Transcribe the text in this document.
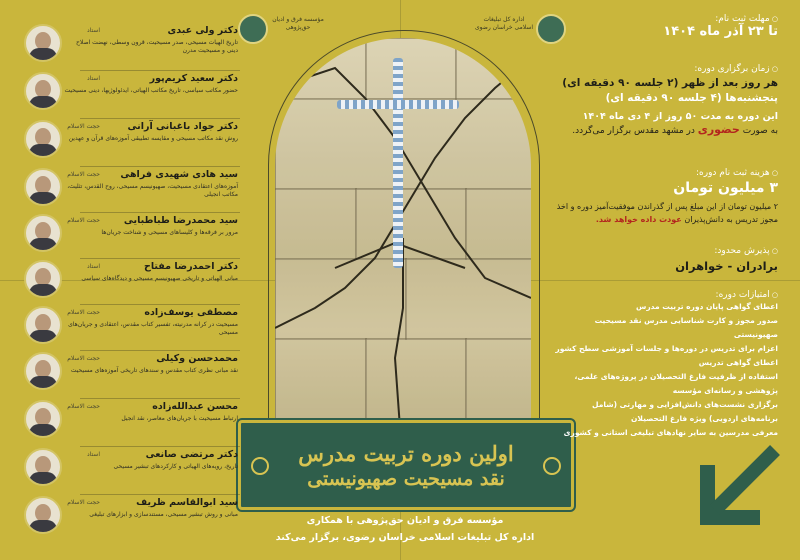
مؤسسه فرق و ادیان حق‌پژوهی
اداره کل تبلیغات اسلامی خراسان رضوی
اولین دوره تربیت مدرس
نقد مسیحیت صهیونیستی
مؤسسه فرق و ادیان حق‌پژوهی با همکاری
اداره کل تبلیغات اسلامی خراسان رضوی، برگزار می‌کند
دکتر ولی عبدی
استاد
تاریخ الهیات مسیحی، صدر مسیحیت، قرون وسطی، نهضت اصلاح دینی و مسیحیت مدرن
دکتر سعید کریم‌پور
استاد
حضور مکاتب سیاسی، تاریخ مکاتب الهیاتی، ایدئولوژیها، دینی مسیحیت
دکتر جواد باغبانی آرانی
حجت الاسلام
روش نقد مکاتب مسیحی و مقایسه تطبیقی آموزه‌های قرآن و عهدین
سید هادی شهیدی فراهی
حجت الاسلام
آموزه‌های اعتقادی مسیحیت، صهیونیسم مسیحی، روح القدس، تثلیث، مکاتب انجیلی
سید محمدرضا طباطبایی
حجت الاسلام
مرور بر فرقه‌ها و کلیساهای مسیحی و شناخت جریان‌ها
دکتر احمدرضا مفتاح
استاد
مبانی الهیاتی و تاریخی صهیونیسم مسیحی و دیدگاه‌های سیاسی
مصطفی یوسف‌زاده
حجت الاسلام
مسیحیت در کرانه مدرنیته، تفسیر کتاب مقدس، اعتقادی و جریان‌های مسیحی
محمدحسن وکیلی
حجت الاسلام
نقد مبانی نظری کتاب مقدس و سندهای تاریخی آموزه‌های مسیحیت
محسن عبدالله‌زاده
حجت الاسلام
ارتباط مسیحیت با جریان‌های معاصر، نقد انجیل
دکتر مرتضی صانعی
استاد
تاریخ، رویه‌های الهیاتی و کارکردهای تبشیر مسیحی
سید ابوالقاسم ظریف
حجت الاسلام
مبانی و روش تبشیر مسیحی، مستندسازی و ابزارهای تبلیغی
○ مهلت ثبت نام:
تا ۲۳ آذر ماه ۱۴۰۴
○ زمان برگزاری دوره:
هر روز بعد از ظهر (۲ جلسه ۹۰ دقیقه ای)
پنجشنبه‌ها (۴ جلسه ۹۰ دقیقه ای)
این دوره به مدت ۵۰ روز از ۴ دی ماه ۱۴۰۴
به صورت حضوری در مشهد مقدس برگزار می‌گردد.
○ هزینه ثبت نام دوره:
۳ میلیون تومان
۲ میلیون تومان از این مبلغ پس از گذراندن موفقیت‌آمیز دوره و اخذ مجوز تدریس به دانش‌پذیران عودت داده خواهد شد.
○ پذیرش محدود:
برادران - خواهران
○ امتیازات دوره:
اعطای گواهی پایان دوره تربیت مدرس
صدور مجوز و کارت شناسایی مدرس نقد مسیحیت صهیونیستی
اعزام برای تدریس در دوره‌ها و جلسات آموزشی سطح کشور
اعطای گواهی تدریس
استفاده از ظرفیت فارغ التحصیلان در پروژه‌های علمی، پژوهشی و رسانه‌ای مؤسسه
برگزاری نشست‌های دانش‌افزایی و مهارتی (شامل برنامه‌های اردویی) ویژه فارغ التحصیلان
معرفی مدرسین به سایر نهادهای تبلیغی استانی و کشوری
